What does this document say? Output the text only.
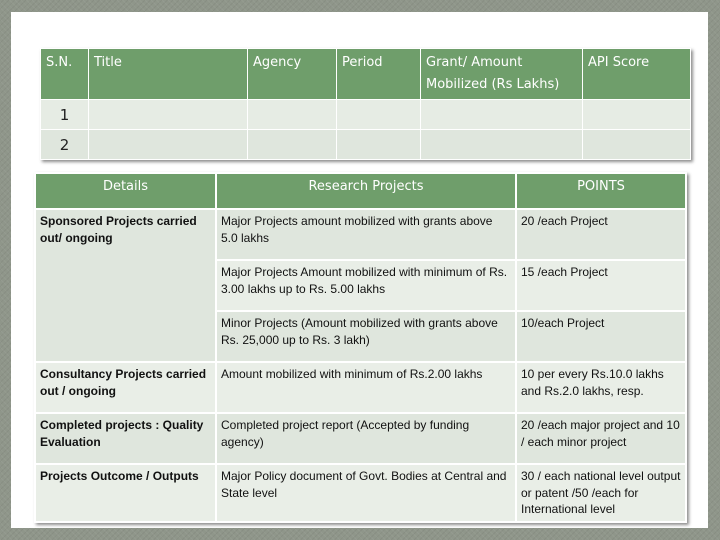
S.N.	Title	Agency	Period	Grant/ Amount Mobilized (Rs Lakhs)	API Score

1					
2					
Details	Research Projects	POINTS
Sponsored Projects carried out/ ongoing	Major Projects amount mobilized with grants above 5.0 lakhs	20 /each Project
	Major Projects Amount mobilized with minimum of Rs. 3.00 lakhs up to Rs. 5.00 lakhs	15 /each Project
	Minor Projects (Amount mobilized with grants above Rs. 25,000 up to Rs. 3 lakh)	10/each Project
Consultancy Projects carried out / ongoing	Amount mobilized with minimum of Rs.2.00 lakhs	10 per every Rs.10.0 lakhs and Rs.2.0 lakhs, resp.
Completed projects : Quality Evaluation	Completed project report (Accepted by funding agency)	20 /each major project and 10 / each minor project
Projects Outcome / Outputs	Major Policy document of Govt. Bodies at Central and State level	30 / each national level output or patent /50 /each for International level
